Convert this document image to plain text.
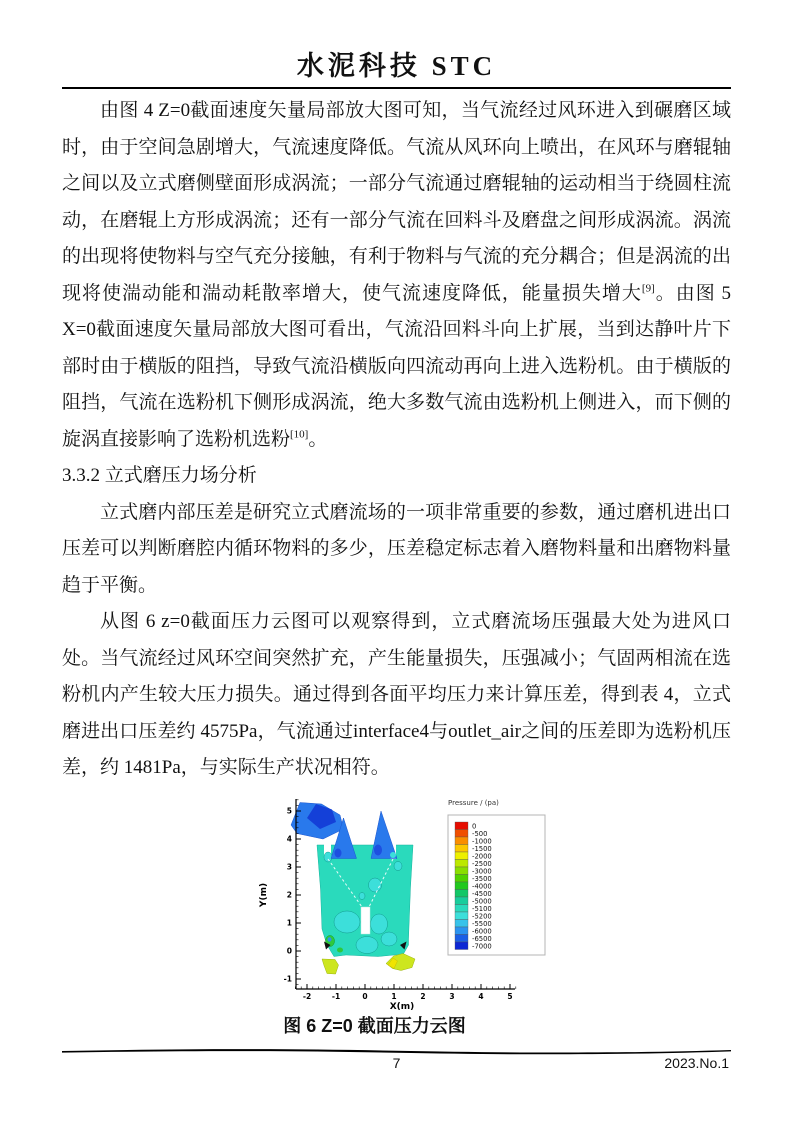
水泥科技 STC

由图 4 Z=0截面速度矢量局部放大图可知，当气流经过风环进入到碾磨区域时，由于空间急剧增大，气流速度降低。气流从风环向上喷出，在风环与磨辊轴之间以及立式磨侧壁面形成涡流；一部分气流通过磨辊轴的运动相当于绕圆柱流动，在磨辊上方形成涡流；还有一部分气流在回料斗及磨盘之间形成涡流。涡流的出现将使物料与空气充分接触，有利于物料与气流的充分耦合；但是涡流的出现将使湍动能和湍动耗散率增大，使气流速度降低，能量损失增大[9]。由图 5 X=0截面速度矢量局部放大图可看出，气流沿回料斗向上扩展，当到达静叶片下部时由于横版的阻挡，导致气流沿横版向四流动再向上进入选粉机。由于横版的阻挡，气流在选粉机下侧形成涡流，绝大多数气流由选粉机上侧进入，而下侧的旋涡直接影响了选粉机选粉[10]。

3.3.2 立式磨压力场分析

立式磨内部压差是研究立式磨流场的一项非常重要的参数，通过磨机进出口压差可以判断磨腔内循环物料的多少，压差稳定标志着入磨物料量和出磨物料量趋于平衡。

从图 6 z=0截面压力云图可以观察得到，立式磨流场压强最大处为进风口处。当气流经过风环空间突然扩充，产生能量损失，压强减小；气固两相流在选粉机内产生较大压力损失。通过得到各面平均压力来计算压差，得到表 4，立式磨进出口压差约 4575Pa，气流通过interface4与outlet_air之间的压差即为选粉机压差，约 1481Pa，与实际生产状况相符。

-2	-1	0	1	2	3	4	5
-1
0
1
2
3
4
5
X(m)
Y(m)
Pressure / (pa)
0
-500
-1000
-1500
-2000
-2500
-3000
-3500
-4000
-4500
-5000
-5100
-5200
-5500
-6000
-6500
-7000
图 6 Z=0 截面压力云图
7	2023.No.1
